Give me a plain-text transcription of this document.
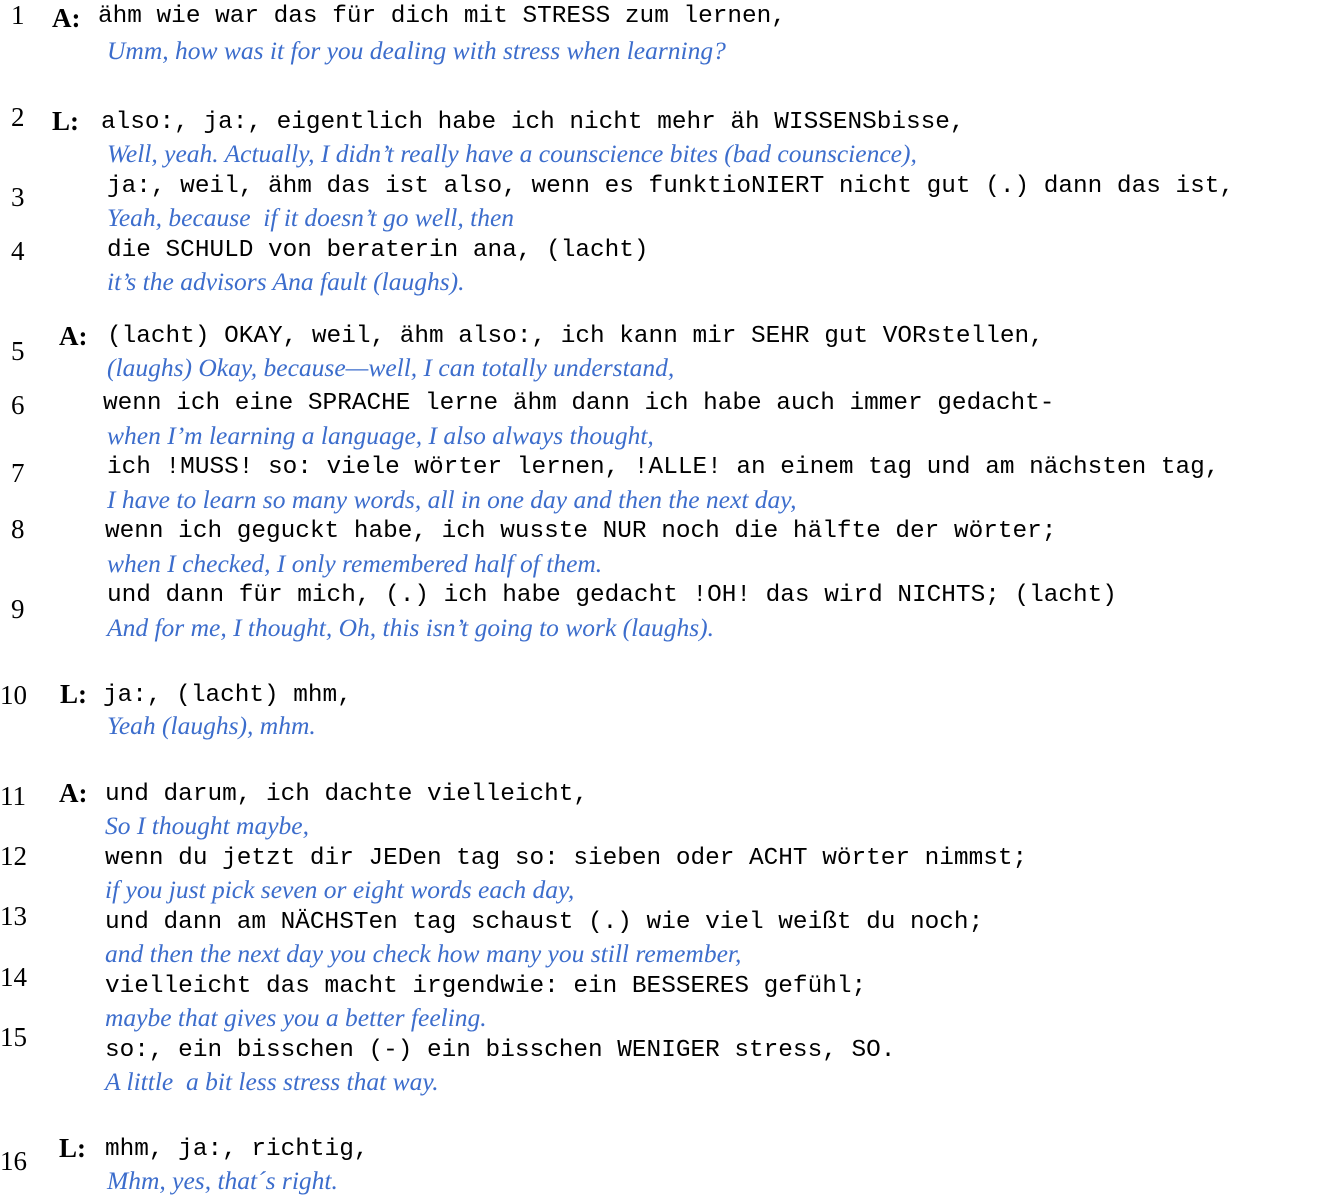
1 A: ähm wie war das für dich mit STRESS zum lernen,
Umm, how was it for you dealing with stress when learning?
2 L: also:, ja:, eigentlich habe ich nicht mehr äh WISSENSbisse,
Well, yeah. Actually, I didn’t really have a counscience bites (bad counscience),
3	ja:, weil, ähm das ist also, wenn es funktioNIERT nicht gut (.) dann das ist,
Yeah, because  if it doesn’t go well, then
4	die SCHULD von beraterin ana, (lacht)
it’s the advisors Ana fault (laughs).
5 A: (lacht) OKAY, weil, ähm also:, ich kann mir SEHR gut VORstellen,
(laughs) Okay, because—well, I can totally understand,
6	wenn ich eine SPRACHE lerne ähm dann ich habe auch immer gedacht-
when I’m learning a language, I also always thought,
7	ich !MUSS! so: viele wörter lernen, !ALLE! an einem tag und am nächsten tag,
I have to learn so many words, all in one day and then the next day,
8	wenn ich geguckt habe, ich wusste NUR noch die hälfte der wörter;
when I checked, I only remembered half of them.
9	und dann für mich, (.) ich habe gedacht !OH! das wird NICHTS; (lacht)
And for me, I thought, Oh, this isn’t going to work (laughs).
10 L: ja:, (lacht) mhm,
Yeah (laughs), mhm.
11 A: und darum, ich dachte vielleicht,
So I thought maybe,
12	wenn du jetzt dir JEDen tag so: sieben oder ACHT wörter nimmst;
if you just pick seven or eight words each day,
13	und dann am NÄCHSTen tag schaust (.) wie viel weißt du noch;
and then the next day you check how many you still remember,
14	vielleicht das macht irgendwie: ein BESSERES gefühl;
maybe that gives you a better feeling.
15	so:, ein bisschen (-) ein bisschen WENIGER stress, SO.
A little  a bit less stress that way.
16 L: mhm, ja:, richtig,
Mhm, yes, that´s right.
